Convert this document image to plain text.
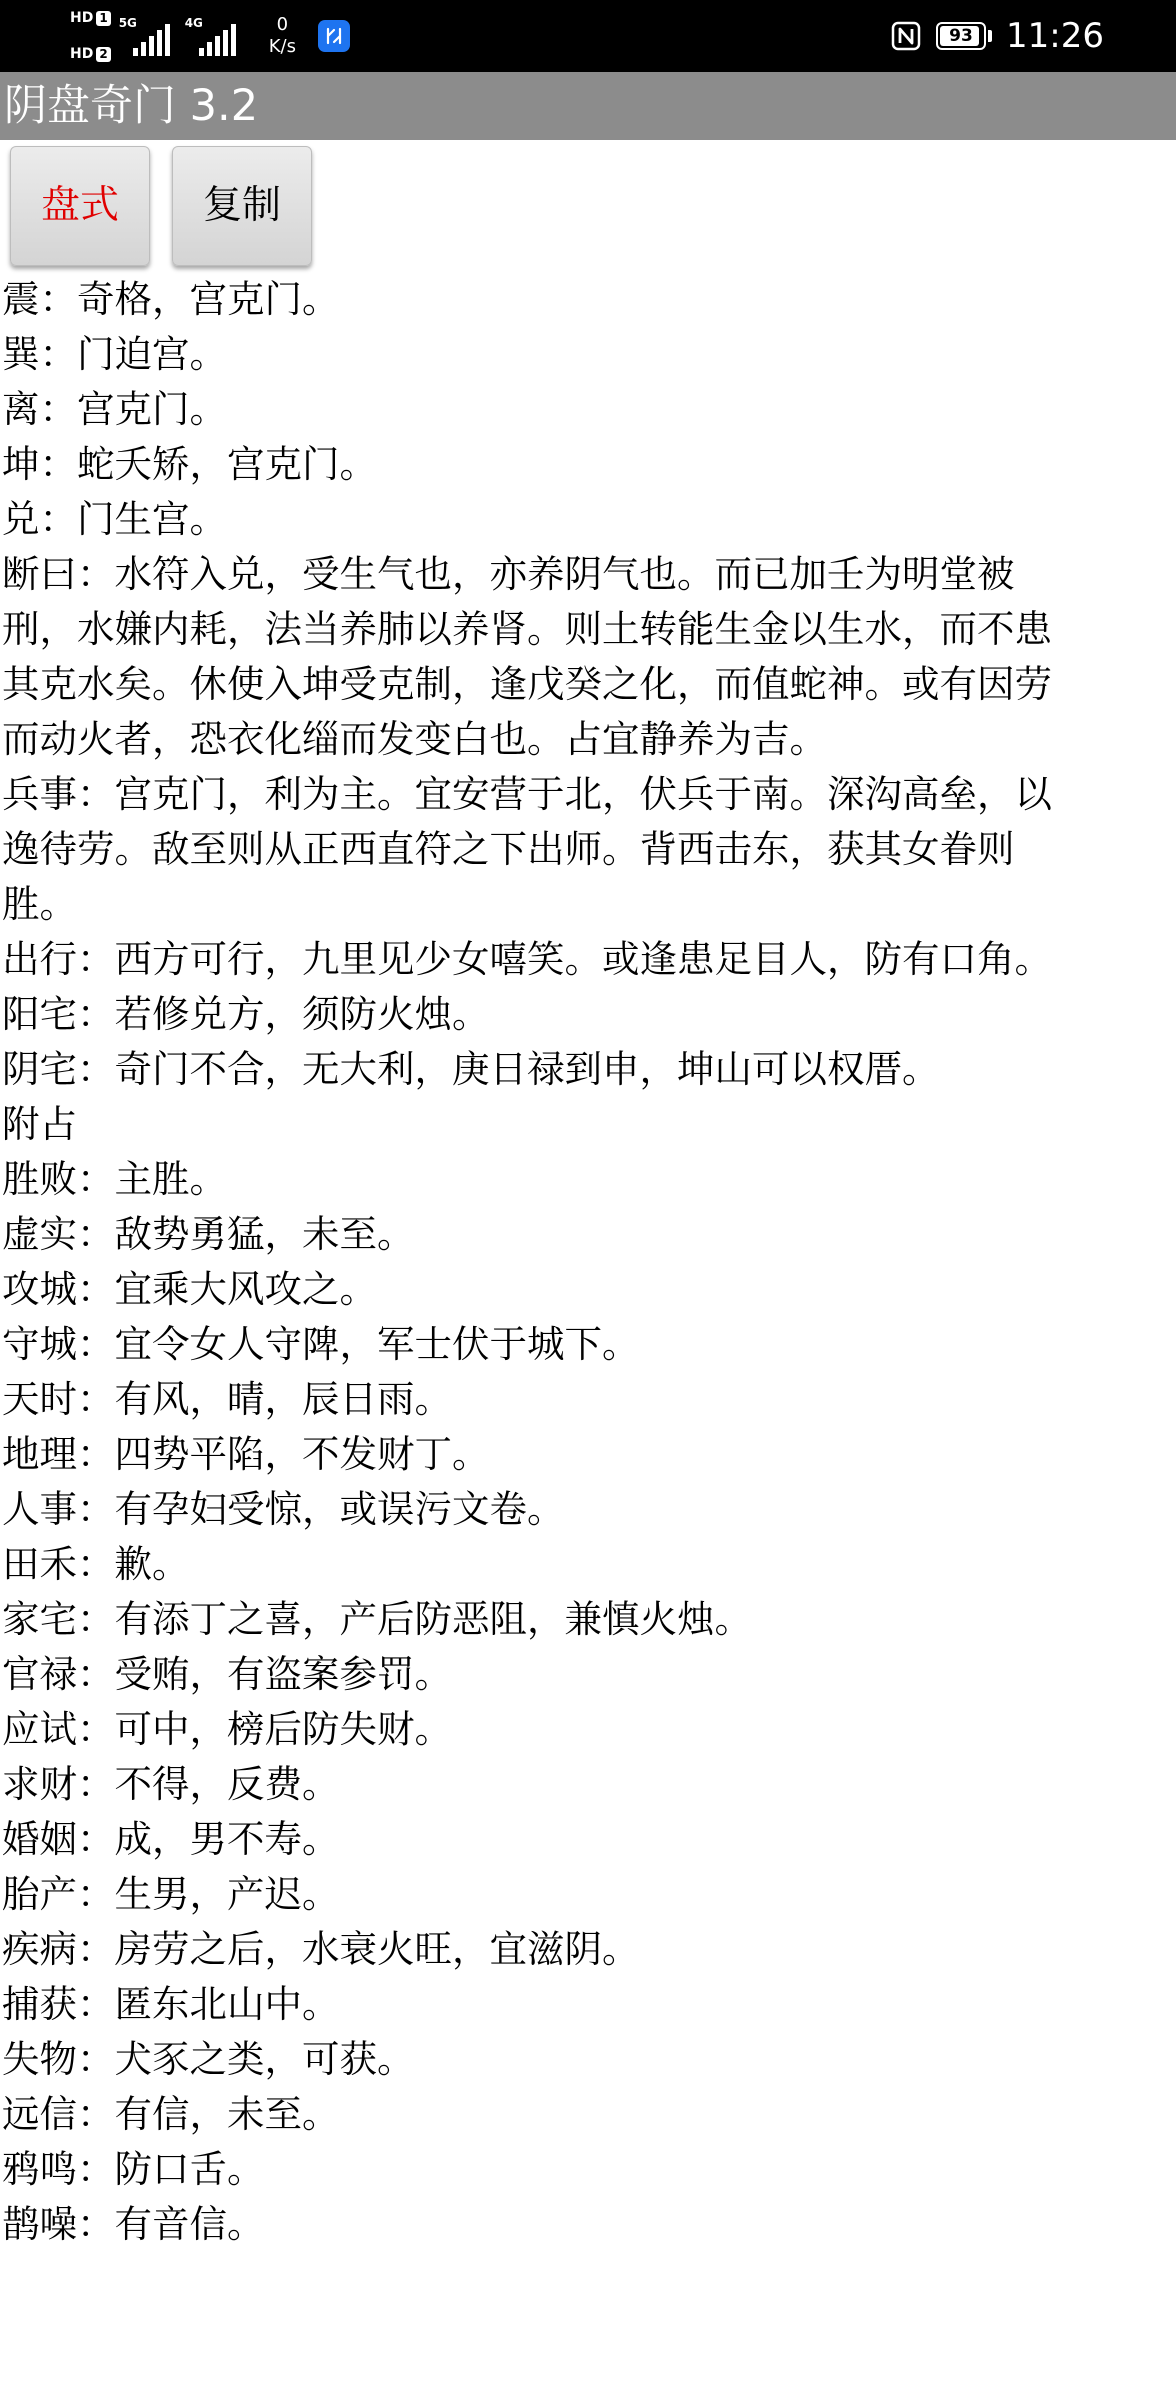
HD 1
HD 2
5G	4G	0
K/s	93 11:26
阴盘奇门 3.2
盘式	复制
震：奇格，宫克门。
巽：门迫宫。
离：宫克门。
坤：蛇夭矫，宫克门。
兑：门生宫。
断曰：水符入兑，受生气也，亦养阴气也。而已加壬为明堂被
刑，水嫌内耗，法当养肺以养肾。则土转能生金以生水，而不患
其克水矣。休使入坤受克制，逢戊癸之化，而值蛇神。或有因劳
而动火者，恐衣化缁而发变白也。占宜静养为吉。
兵事：宫克门，利为主。宜安营于北，伏兵于南。深沟高垒，以
逸待劳。敌至则从正西直符之下出师。背西击东，获其女眷则
胜。
出行：西方可行，九里见少女嘻笑。或逢患足目人，防有口角。
阳宅：若修兑方，须防火烛。
阴宅：奇门不合，无大利，庚日禄到申，坤山可以权厝。
附占
胜败：主胜。
虚实：敌势勇猛，未至。
攻城：宜乘大风攻之。
守城：宜令女人守陴，军士伏于城下。
天时：有风，晴，辰日雨。
地理：四势平陷，不发财丁。
人事：有孕妇受惊，或误污文卷。
田禾：歉。
家宅：有添丁之喜，产后防恶阻，兼慎火烛。
官禄：受贿，有盗案参罚。
应试：可中，榜后防失财。
求财：不得，反费。
婚姻：成，男不寿。
胎产：生男，产迟。
疾病：房劳之后，水衰火旺，宜滋阴。
捕获：匿东北山中。
失物：犬豕之类，可获。
远信：有信，未至。
鸦鸣：防口舌。
鹊噪：有音信。
